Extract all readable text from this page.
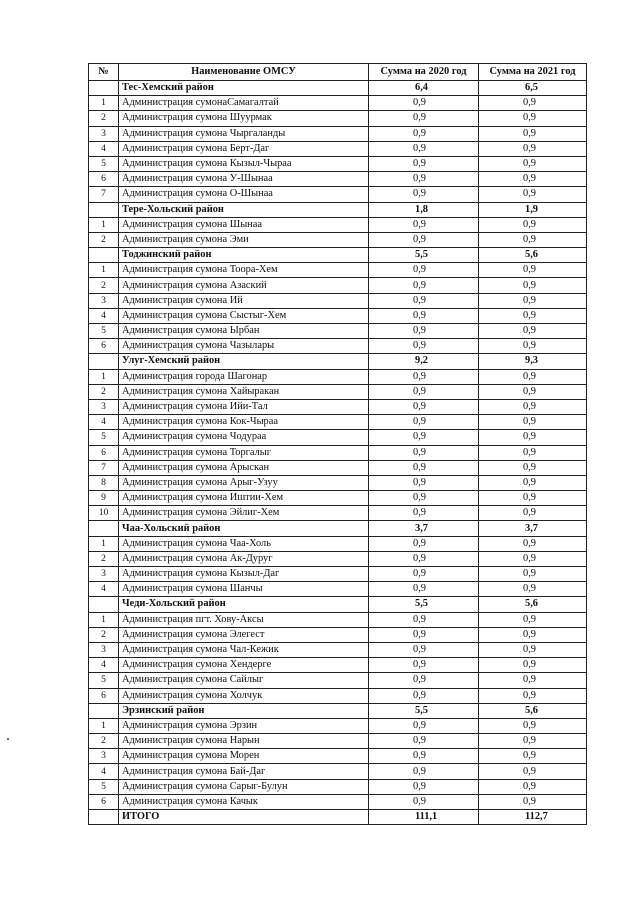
№	Наименование ОМСУ	Сумма на 2020 год	Сумма на 2021 год
	Тес-Хемский район	6,4	6,5
1	Администрация сумонаСамагалтай	0,9	0,9
2	Администрация сумона Шуурмак	0,9	0,9
3	Администрация сумона Чыргаланды	0,9	0,9
4	Администрация сумона Берт-Даг	0,9	0,9
5	Администрация сумона Кызыл-Чыраа	0,9	0,9
6	Администрация сумона У-Шынаа	0,9	0,9
7	Администрация сумона О-Шынаа	0,9	0,9
	Тере-Хольский район	1,8	1,9
1	Администрация сумона Шынаа	0,9	0,9
2	Администрация сумона Эми	0,9	0,9
	Тоджинский район	5,5	5,6
1	Администрация сумона Тоора-Хем	0,9	0,9
2	Администрация сумона Азаский	0,9	0,9
3	Администрация сумона Ий	0,9	0,9
4	Администрация сумона Сыстыг-Хем	0,9	0,9
5	Администрация сумона Ырбан	0,9	0,9
6	Администрация сумона Чазылары	0,9	0,9
	Улуг-Хемский район	9,2	9,3
1	Администрация города Шагонар	0,9	0,9
2	Администрация сумона Хайыракан	0,9	0,9
3	Администрация сумона Ийи-Тал	0,9	0,9
4	Администрация сумона Кок-Чыраа	0,9	0,9
5	Администрация сумона Чодураа	0,9	0,9
6	Администрация сумона Торгалыг	0,9	0,9
7	Администрация сумона Арыскан	0,9	0,9
8	Администрация сумона Арыг-Узуу	0,9	0,9
9	Администрация сумона Иштии-Хем	0,9	0,9
10	Администрация сумона Эйлиг-Хем	0,9	0,9
	Чаа-Хольский район	3,7	3,7
1	Администрация сумона Чаа-Холь	0,9	0,9
2	Администрация сумона Ак-Дуруг	0,9	0,9
3	Администрация сумона Кызыл-Даг	0,9	0,9
4	Администрация сумона Шанчы	0,9	0,9
	Чеди-Хольский район	5,5	5,6
1	Администрация пгт. Хову-Аксы	0,9	0,9
2	Администрация сумона Элегест	0,9	0,9
3	Администрация сумона Чал-Кежик	0,9	0,9
4	Администрация сумона Хендерге	0,9	0,9
5	Администрация сумона Сайлыг	0,9	0,9
6	Администрация сумона Холчук	0,9	0,9
	Эрзинский район	5,5	5,6
1	Администрация сумона Эрзин	0,9	0,9
2	Администрация сумона Нарын	0,9	0,9
3	Администрация сумона Морен	0,9	0,9
4	Администрация сумона Бай-Даг	0,9	0,9
5	Администрация сумона Сарыг-Булун	0,9	0,9
6	Администрация сумона Качык	0,9	0,9
	ИТОГО	111,1	112,7
